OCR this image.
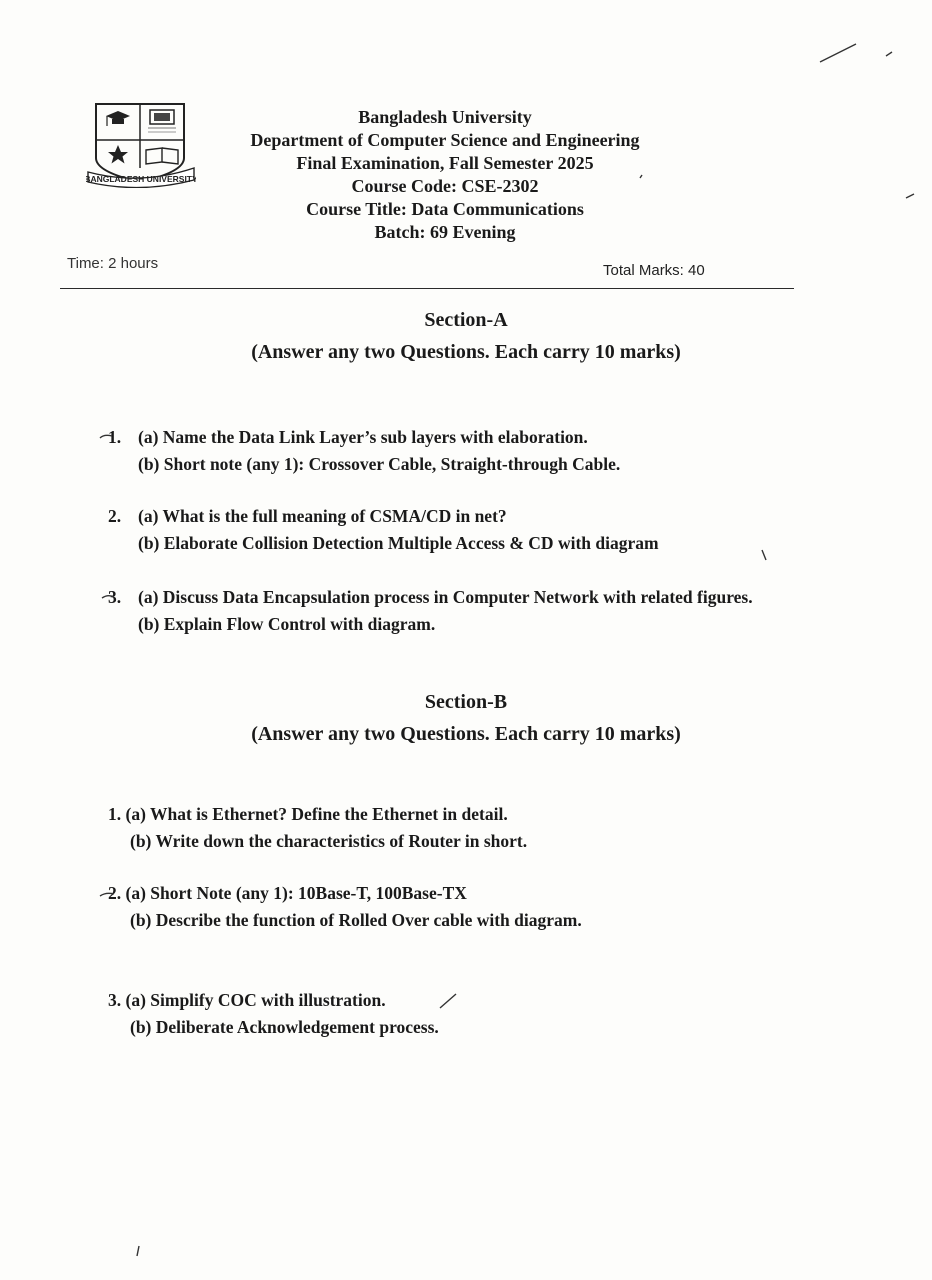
BANGLADESH UNIVERSITY
Bangladesh University
Department of Computer Science and Engineering
Final Examination, Fall Semester 2025
Course Code: CSE-2302
Course Title: Data Communications
Batch: 69 Evening
Time: 2 hours	Total Marks: 40
Section-A
(Answer any two Questions. Each carry 10 marks)
1. (a) Name the Data Link Layer’s sub layers with elaboration.
(b) Short note (any 1): Crossover Cable, Straight-through Cable.
2. (a) What is the full meaning of CSMA/CD in net?
(b) Elaborate Collision Detection Multiple Access & CD with diagram
3. (a) Discuss Data Encapsulation process in Computer Network with related figures.
(b) Explain Flow Control with diagram.
Section-B
(Answer any two Questions. Each carry 10 marks)
1. (a) What is Ethernet? Define the Ethernet in detail.
(b) Write down the characteristics of Router in short.
2. (a) Short Note (any 1): 10Base-T, 100Base-TX
(b) Describe the function of Rolled Over cable with diagram.
3. (a) Simplify COC with illustration.
(b) Deliberate Acknowledgement process.
